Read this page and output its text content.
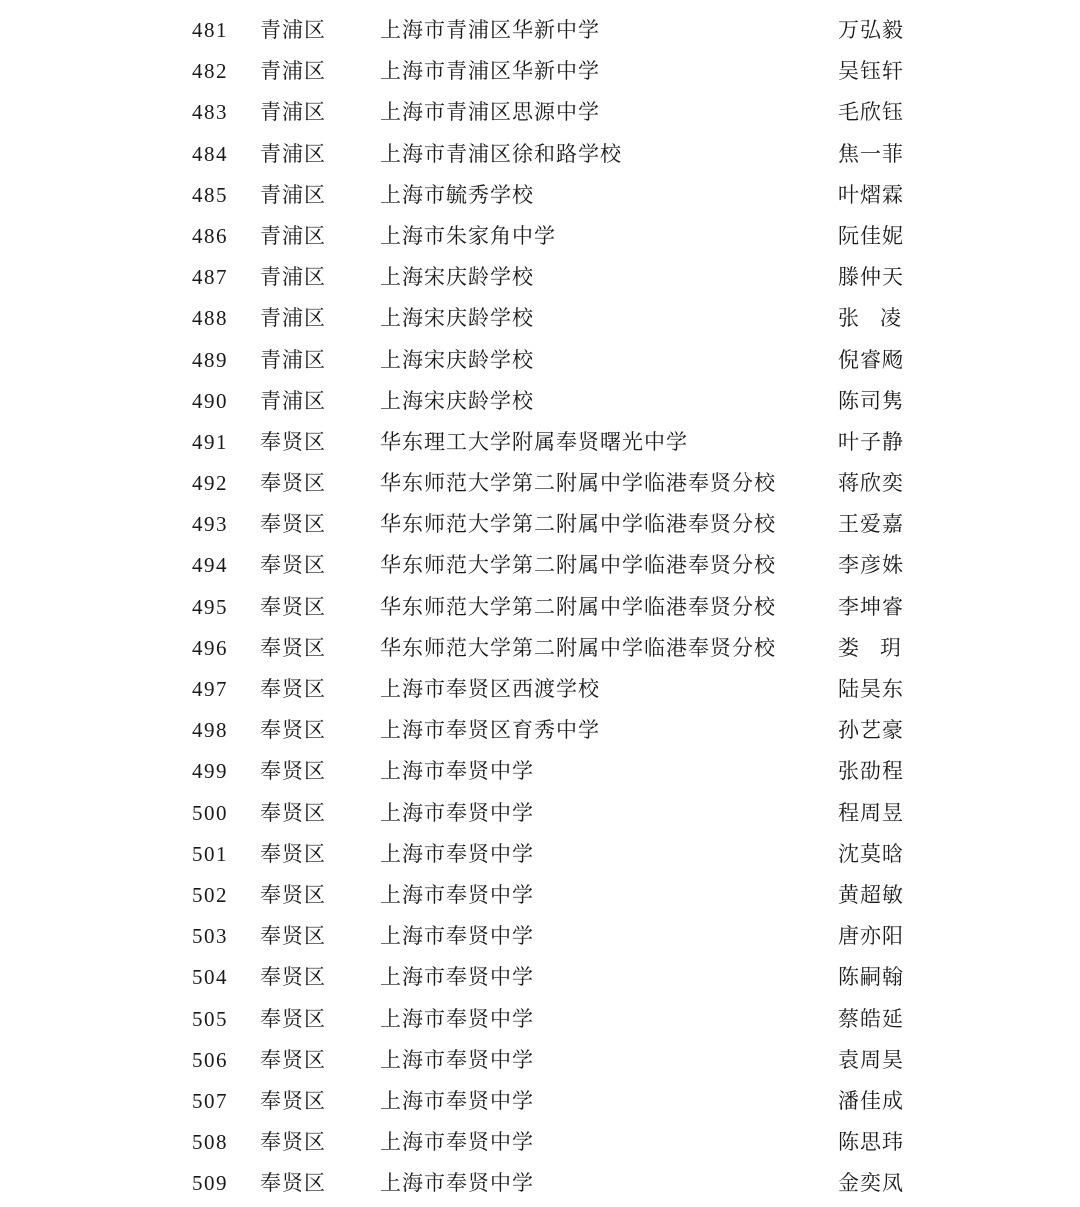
481 青浦区	上海市青浦区华新中学	万弘毅
482 青浦区	上海市青浦区华新中学	吴钰轩
483 青浦区	上海市青浦区思源中学	毛欣钰
484 青浦区	上海市青浦区徐和路学校	焦一菲
485 青浦区	上海市毓秀学校	叶熠霖
486 青浦区	上海市朱家角中学	阮佳妮
487 青浦区	上海宋庆龄学校	滕仲天
488 青浦区	上海宋庆龄学校	张凌
489 青浦区	上海宋庆龄学校	倪睿飏
490 青浦区	上海宋庆龄学校	陈司隽
491 奉贤区	华东理工大学附属奉贤曙光中学	叶子静
492 奉贤区	华东师范大学第二附属中学临港奉贤分校	蒋欣奕
493 奉贤区	华东师范大学第二附属中学临港奉贤分校	王爱嘉
494 奉贤区	华东师范大学第二附属中学临港奉贤分校	李彦姝
495 奉贤区	华东师范大学第二附属中学临港奉贤分校	李坤睿
496 奉贤区	华东师范大学第二附属中学临港奉贤分校	娄玥
497 奉贤区	上海市奉贤区西渡学校	陆昊东
498 奉贤区	上海市奉贤区育秀中学	孙艺豪
499 奉贤区	上海市奉贤中学	张劭程
500 奉贤区	上海市奉贤中学	程周昱
501 奉贤区	上海市奉贤中学	沈莫晗
502 奉贤区	上海市奉贤中学	黄超敏
503 奉贤区	上海市奉贤中学	唐亦阳
504 奉贤区	上海市奉贤中学	陈嗣翰
505 奉贤区	上海市奉贤中学	蔡皓延
506 奉贤区	上海市奉贤中学	袁周昊
507 奉贤区	上海市奉贤中学	潘佳成
508 奉贤区	上海市奉贤中学	陈思玮
509 奉贤区	上海市奉贤中学	金奕凤
